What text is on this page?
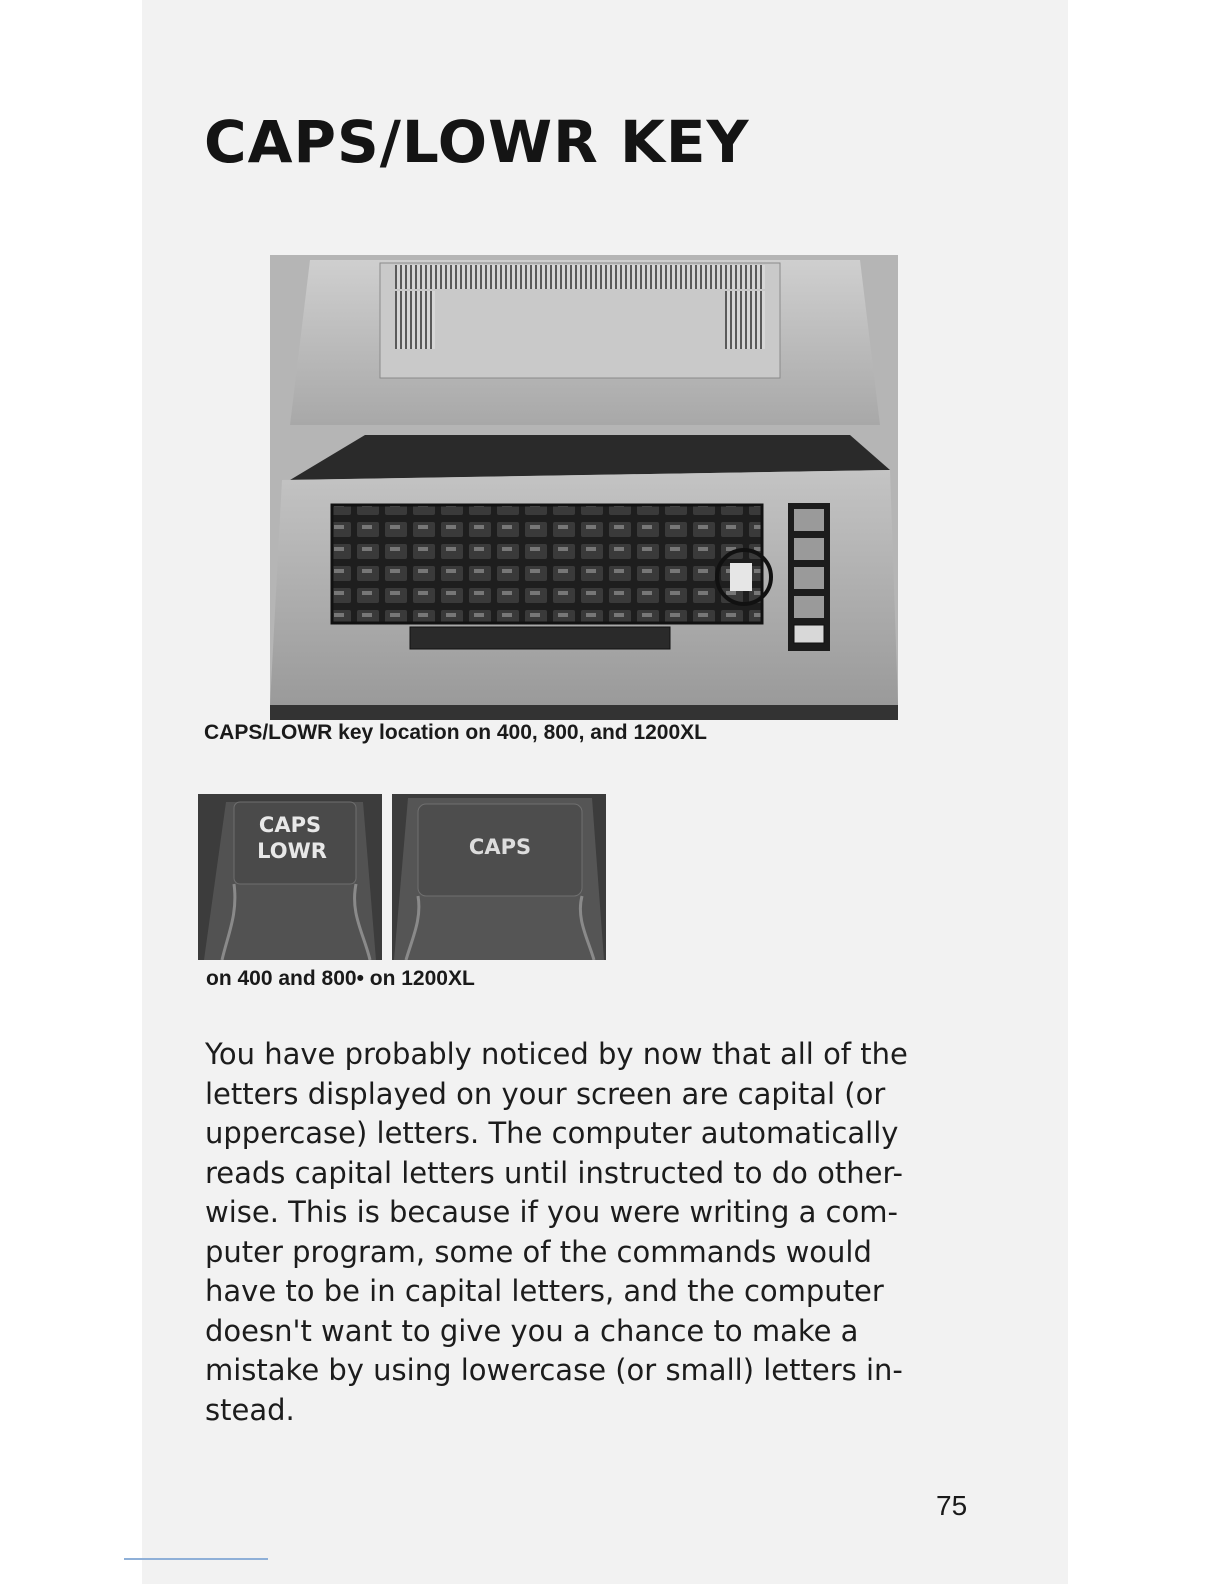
CAPS/LOWR KEY
CAPS/LOWR key location on 400, 800, and 1200XL
CAPS
LOWR	CAPS
on 400 and 800• on 1200XL
You have probably noticed by now that all of the
letters displayed on your screen are capital (or
uppercase) letters. The computer automatically
reads capital letters until instructed to do other-
wise. This is because if you were writing a com-
puter program, some of the commands would
have to be in capital letters, and the computer
doesn't want to give you a chance to make a
mistake by using lowercase (or small) letters in-
stead.
75
